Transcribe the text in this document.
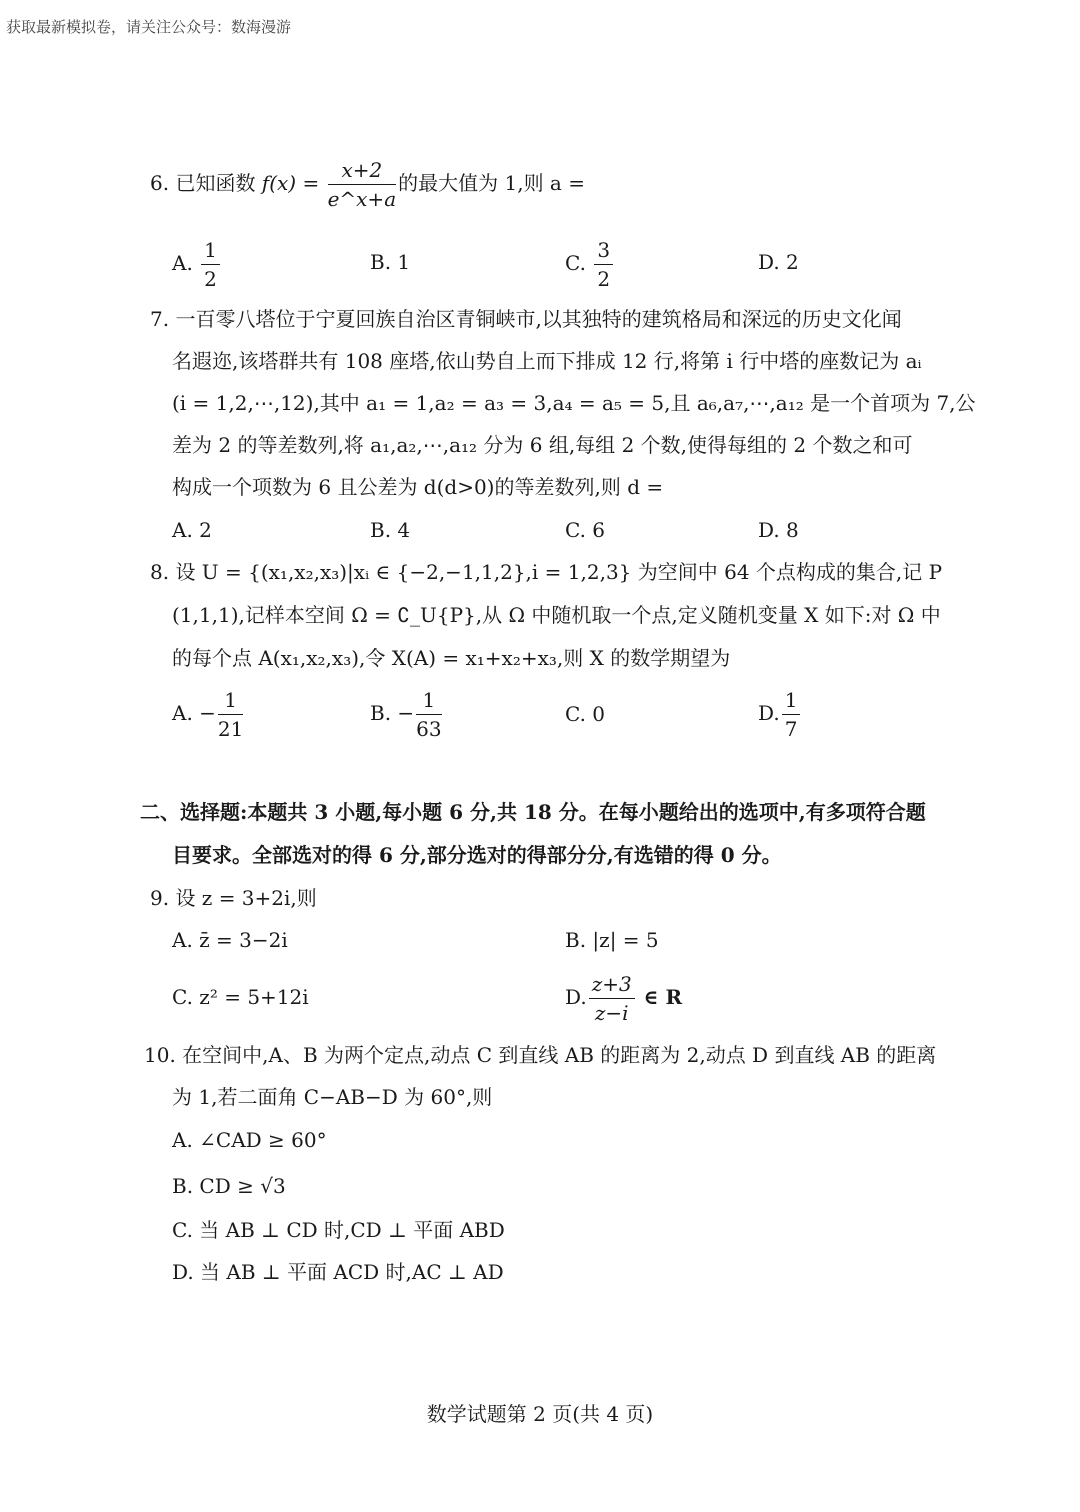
获取最新模拟卷，请关注公众号：数海漫游
6. 已知函数 $f(x) = \frac{x+2}{e\^{}x+a}$ 的最大值为 1,则 a =
A. $\frac{1}{2}$	B. 1	C. $\frac{3}{2}$	D. 2
7. 一百零八塔位于宁夏回族自治区青铜峡市,以其独特的建筑格局和深远的历史文化闻
名遐迩,该塔群共有 108 座塔,依山势自上而下排成 12 行,将第 i 行中塔的座数记为 aᵢ
(i = 1,2,⋯,12),其中 a₁ = 1,a₂ = a₃ = 3,a₄ = a₅ = 5,且 a₆,a₇,⋯,a₁₂ 是一个首项为 7,公
差为 2 的等差数列,将 a₁,a₂,⋯,a₁₂ 分为 6 组,每组 2 个数,使得每组的 2 个数之和可
构成一个项数为 6 且公差为 d(d>0)的等差数列,则 d =
A. 2	B. 4	C. 6	D. 8
8. 设 U = {(x₁,x₂,x₃)|xᵢ ∈ {−2,−1,1,2},i = 1,2,3} 为空间中 64 个点构成的集合,记 P
(1,1,1),记样本空间 Ω = ∁_U{P},从 Ω 中随机取一个点,定义随机变量 X 如下:对 Ω 中
的每个点 A(x₁,x₂,x₃),令 X(A) = x₁+x₂+x₃,则 X 的数学期望为
A. − $\frac{1}{21}$	B. − $\frac{1}{63}$	C. 0	D. $\frac{1}{7}$
二、选择题:本题共 3 小题,每小题 6 分,共 18 分。在每小题给出的选项中,有多项符合题
目要求。全部选对的得 6 分,部分选对的得部分分,有选错的得 0 分。
9. 设 z = 3+2i,则
A. z̄ = 3−2i	B. |z| = 5
C. z² = 5+12i	D. $\frac{z+3}{z-i}$ ∈ R
10. 在空间中,A、B 为两个定点,动点 C 到直线 AB 的距离为 2,动点 D 到直线 AB 的距离
为 1,若二面角 C−AB−D 为 60°,则
A. ∠CAD ≥ 60°
B. CD ≥ √3
C. 当 AB ⊥ CD 时,CD ⊥ 平面 ABD
D. 当 AB ⊥ 平面 ACD 时,AC ⊥ AD
数学试题第 2 页(共 4 页)
